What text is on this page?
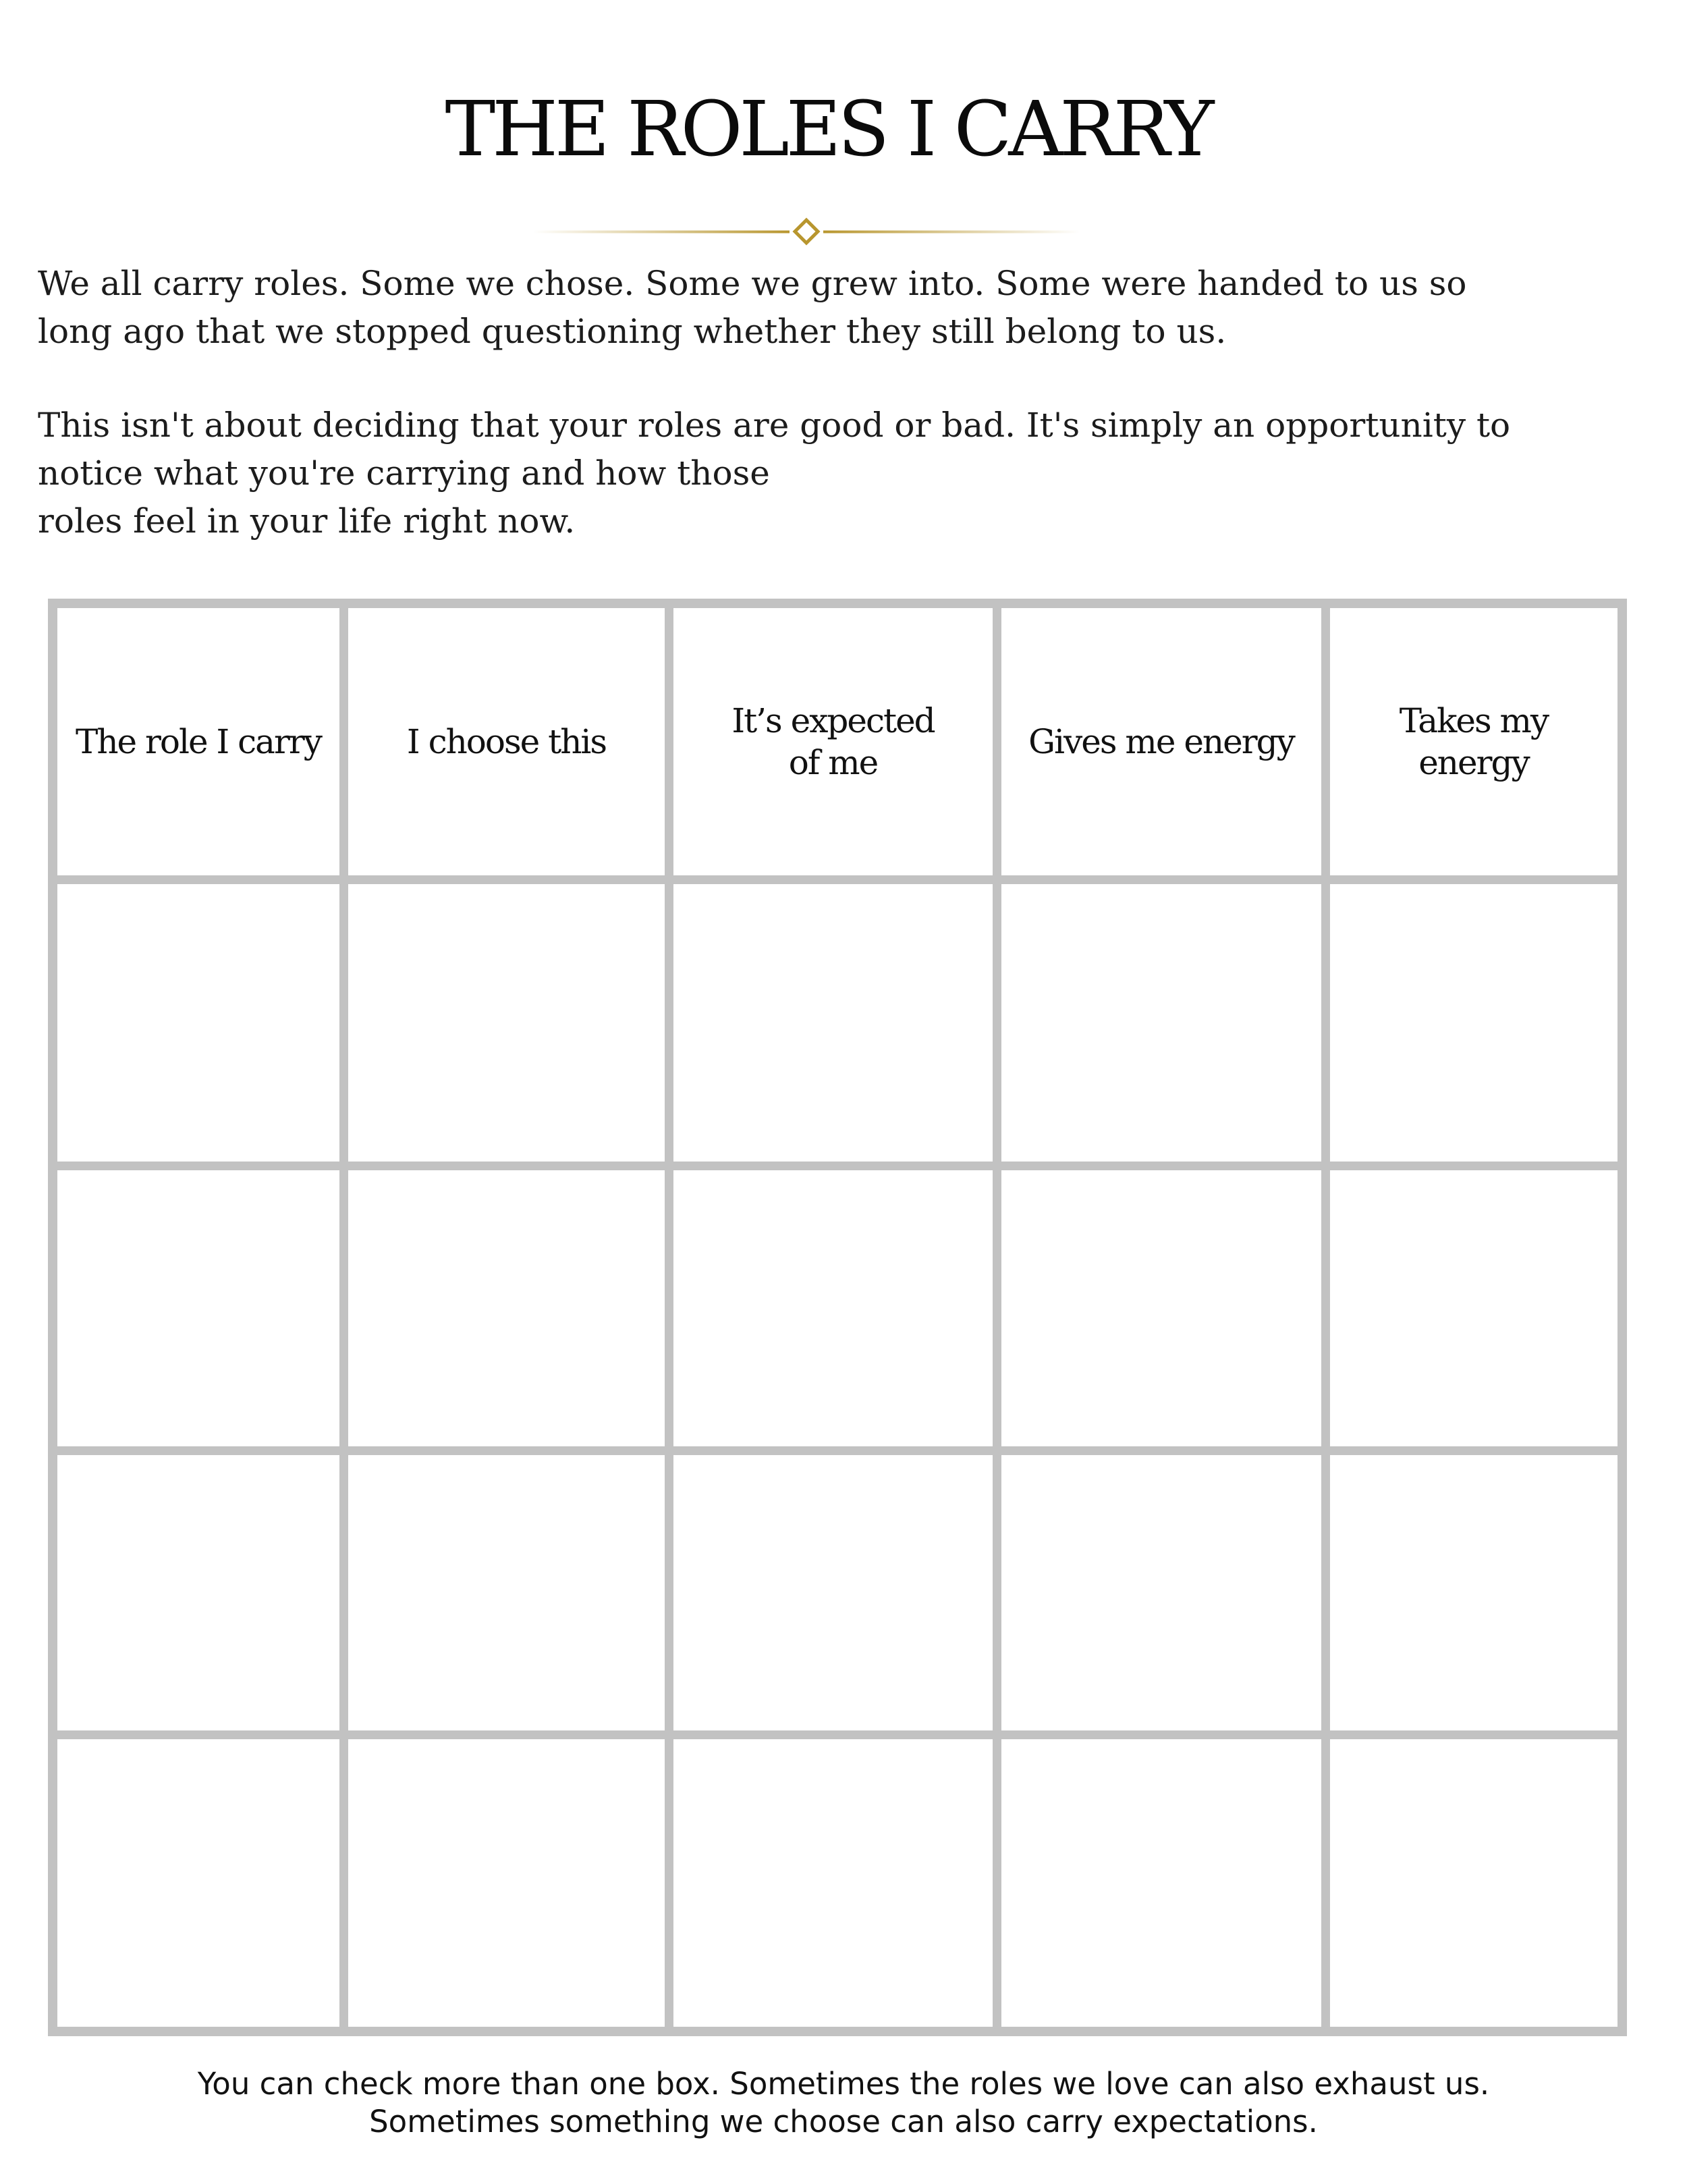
THE ROLES I CARRY
We all carry roles. Some we chose. Some we grew into. Some were handed to us so
long ago that we stopped questioning whether they still belong to us.
This isn't about deciding that your roles are good or bad. It's simply an opportunity to
notice what you're carrying and how those
roles feel in your life right now.
The role I carry	I choose this
It’s expected
of me
Gives me energy
Takes my
energy
You can check more than one box. Sometimes the roles we love can also exhaust us.
Sometimes something we choose can also carry expectations.
